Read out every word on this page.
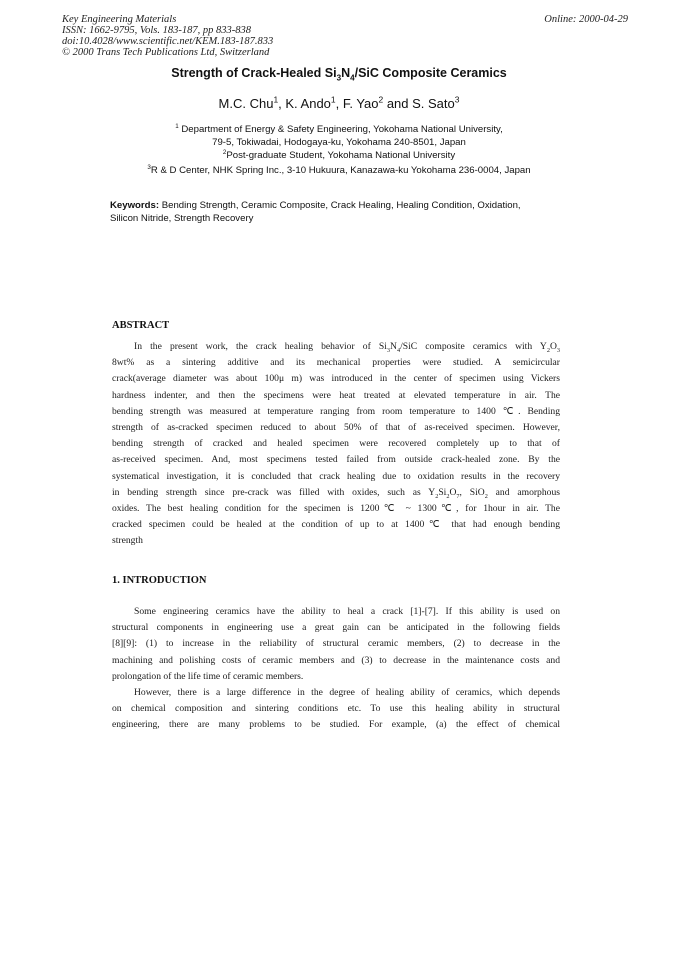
Key Engineering Materials
ISSN: 1662-9795, Vols. 183-187, pp 833-838
doi:10.4028/www.scientific.net/KEM.183-187.833
© 2000 Trans Tech Publications Ltd, Switzerland
Online: 2000-04-29
Strength of Crack-Healed $Si_3N_4$/SiC Composite Ceramics
M.C. Chu$^1$, K. Ando$^1$, F. Yao$^2$ and S. Sato$^3$
$^1$ Department of Energy & Safety Engineering, Yokohama National University,
79-5, Tokiwadai, Hodogaya-ku, Yokohama 240-8501, Japan
$^2$Post-graduate Student, Yokohama National University
$^3$R & D Center, NHK Spring Inc., 3-10 Hukuura, Kanazawa-ku Yokohama 236-0004, Japan
Keywords: Bending Strength, Ceramic Composite, Crack Healing, Healing Condition, Oxidation,
Silicon Nitride, Strength Recovery
ABSTRACT
In the present work, the crack healing behavior of $Si_3N_4$/SiC composite ceramics with $Y_2O_3$
8wt% as a sintering additive and its mechanical properties were studied. A semicircular
crack(average diameter was about 100μ m) was introduced in the center of specimen using Vickers
hardness indenter, and then the specimens were heat treated at elevated temperature in air. The
bending strength was measured at temperature ranging from room temperature to 1400 ℃. Bending
strength of as-cracked specimen reduced to about 50% of that of as-received specimen. However,
bending strength of cracked and healed specimen were recovered completely up to that of
as-received specimen. And, most specimens tested failed from outside crack-healed zone. By the
systematical investigation, it is concluded that crack healing due to oxidation results in the recovery
in bending strength since pre-crack was filled with oxides, such as $Y_2Si_2O_7$, SiO$_2$ and amorphous
oxides. The best healing condition for the specimen is 1200℃ ~ 1300℃, for 1hour in air. The
cracked specimen could be healed at the condition of up to at 1400℃ that had enough bending
strength
1. INTRODUCTION
Some engineering ceramics have the ability to heal a crack [1]-[7]. If this ability is used on
structural components in engineering use a great gain can be anticipated in the following fields
[8][9]: (1) to increase in the reliability of structural ceramic members, (2) to decrease in the
machining and polishing costs of ceramic members and (3) to decrease in the maintenance costs and
prolongation of the life time of ceramic members.
However, there is a large difference in the degree of healing ability of ceramics, which depends
on chemical composition and sintering conditions etc. To use this healing ability in structural
engineering, there are many problems to be studied. For example, (a) the effect of chemical
